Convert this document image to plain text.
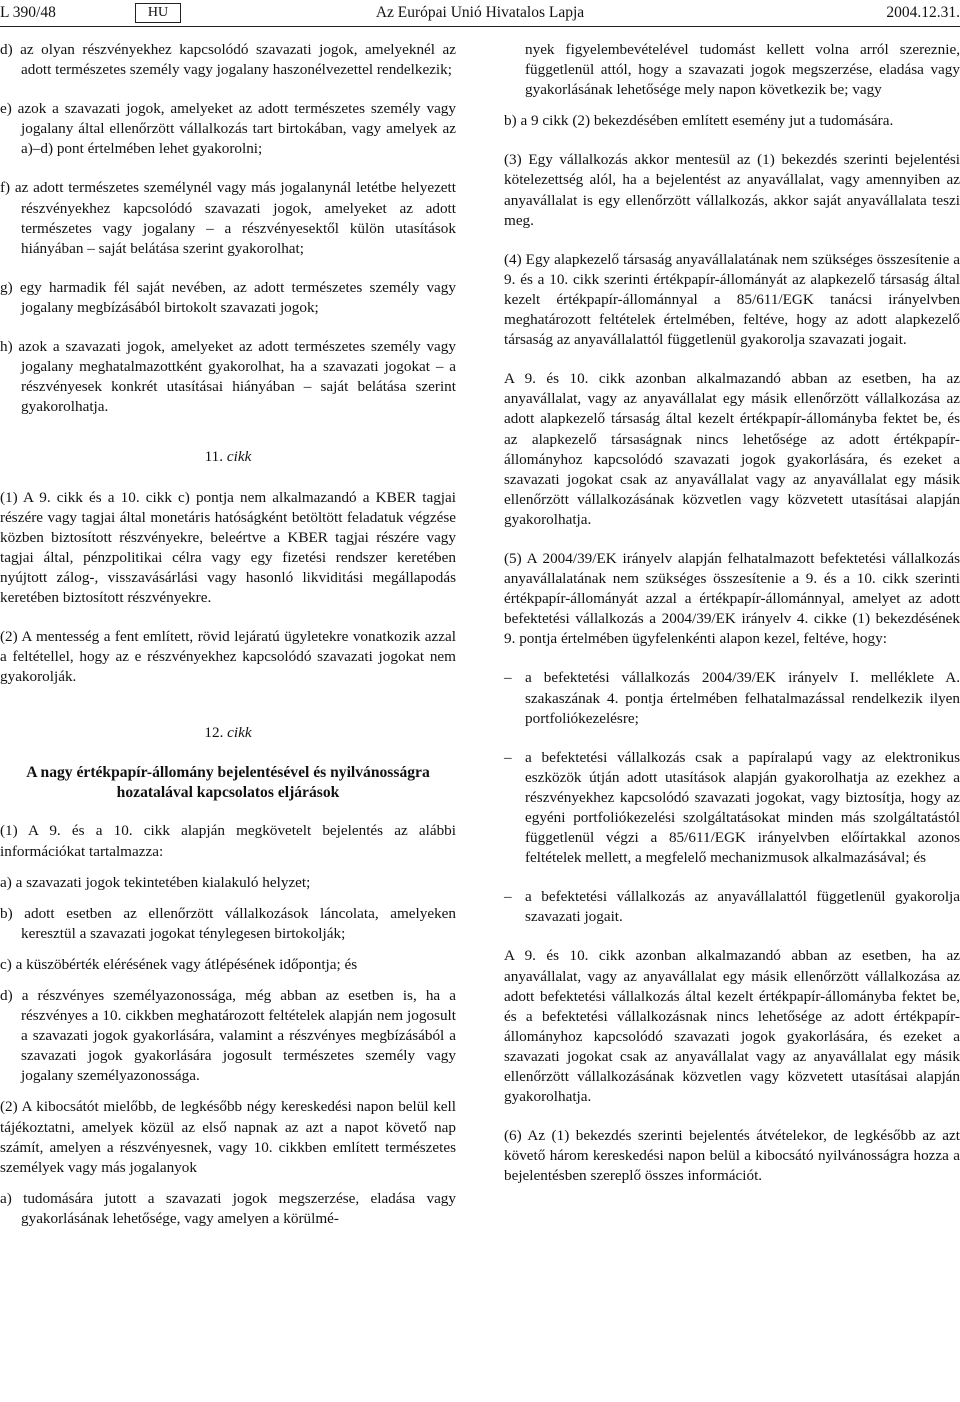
L 390/48	HU	Az Európai Unió Hivatalos Lapja	2004.12.31.

d) az olyan részvényekhez kapcsolódó szavazati jogok, amelyeknél az adott természetes személy vagy jogalany haszonélvezettel rendelkezik;

e) azok a szavazati jogok, amelyeket az adott természetes személy vagy jogalany által ellenőrzött vállalkozás tart birtokában, vagy amelyek az a)–d) pont értelmében lehet gyakorolni;

f) az adott természetes személynél vagy más jogalanynál letétbe helyezett részvényekhez kapcsolódó szavazati jogok, amelyeket az adott természetes vagy jogalany – a részvényesektől külön utasítások hiányában – saját belátása szerint gyakorolhat;

g) egy harmadik fél saját nevében, az adott természetes személy vagy jogalany megbízásából birtokolt szavazati jogok;

h) azok a szavazati jogok, amelyeket az adott természetes személy vagy jogalany meghatalmazottként gyakorolhat, ha a szavazati jogokat – a részvényesek konkrét utasításai hiányában – saját belátása szerint gyakorolhatja.

11. cikk

(1) A 9. cikk és a 10. cikk c) pontja nem alkalmazandó a KBER tagjai részére vagy tagjai által monetáris hatóságként betöltött feladatuk végzése közben biztosított részvényekre, beleértve a KBER tagjai részére vagy tagjai által, pénzpolitikai célra vagy egy fizetési rendszer keretében nyújtott zálog-, visszavásárlási vagy hasonló likviditási megállapodás keretében biztosított részvényekre.

(2) A mentesség a fent említett, rövid lejáratú ügyletekre vonatkozik azzal a feltétellel, hogy az e részvényekhez kapcsolódó szavazati jogokat nem gyakorolják.

12. cikk
A nagy értékpapír-állomány bejelentésével és nyilvánosságra hozatalával kapcsolatos eljárások

(1) A 9. és a 10. cikk alapján megkövetelt bejelentés az alábbi információkat tartalmazza:

a) a szavazati jogok tekintetében kialakuló helyzet;

b) adott esetben az ellenőrzött vállalkozások láncolata, amelyeken keresztül a szavazati jogokat ténylegesen birtokolják;

c) a küszöbérték elérésének vagy átlépésének időpontja; és

d) a részvényes személyazonossága, még abban az esetben is, ha a részvényes a 10. cikkben meghatározott feltételek alapján nem jogosult a szavazati jogok gyakorlására, valamint a részvényes megbízásából a szavazati jogok gyakorlására jogosult természetes személy vagy jogalany személyazonossága.

(2) A kibocsátót mielőbb, de legkésőbb négy kereskedési napon belül kell tájékoztatni, amelyek közül az első napnak az azt a napot követő nap számít, amelyen a részvényesnek, vagy 10. cikkben említett természetes személyek vagy más jogalanyok

a) tudomására jutott a szavazati jogok megszerzése, eladása vagy gyakorlásának lehetősége, vagy amelyen a körülmé-

nyek figyelembevételével tudomást kellett volna arról szereznie, függetlenül attól, hogy a szavazati jogok megszerzése, eladása vagy gyakorlásának lehetősége mely napon következik be; vagy

b) a 9 cikk (2) bekezdésében említett esemény jut a tudomására.

(3) Egy vállalkozás akkor mentesül az (1) bekezdés szerinti bejelentési kötelezettség alól, ha a bejelentést az anyavállalat, vagy amennyiben az anyavállalat is egy ellenőrzött vállalkozás, akkor saját anyavállalata teszi meg.

(4) Egy alapkezelő társaság anyavállalatának nem szükséges összesítenie a 9. és a 10. cikk szerinti értékpapír-állományát az alapkezelő társaság által kezelt értékpapír-állománnyal a 85/611/EGK tanácsi irányelvben meghatározott feltételek értelmében, feltéve, hogy az adott alapkezelő társaság az anyavállalattól függetlenül gyakorolja szavazati jogait.

A 9. és 10. cikk azonban alkalmazandó abban az esetben, ha az anyavállalat, vagy az anyavállalat egy másik ellenőrzött vállalkozása az adott alapkezelő társaság által kezelt értékpapír-állományba fektet be, és az alapkezelő társaságnak nincs lehetősége az adott értékpapír-állományhoz kapcsolódó szavazati jogok gyakorlására, és ezeket a szavazati jogokat csak az anyavállalat vagy az anyavállalat egy másik ellenőrzött vállalkozásának közvetlen vagy közvetett utasításai alapján gyakorolhatja.

(5) A 2004/39/EK irányelv alapján felhatalmazott befektetési vállalkozás anyavállalatának nem szükséges összesítenie a 9. és a 10. cikk szerinti értékpapír-állományát azzal a értékpapír-állománnyal, amelyet az adott befektetési vállalkozás a 2004/39/EK irányelv 4. cikke (1) bekezdésének 9. pontja értelmében ügyfelenkénti alapon kezel, feltéve, hogy:

– a befektetési vállalkozás 2004/39/EK irányelv I. melléklete A. szakaszának 4. pontja értelmében felhatalmazással rendelkezik ilyen portfoliókezelésre;
– a befektetési vállalkozás csak a papíralapú vagy az elektronikus eszközök útján adott utasítások alapján gyakorolhatja az ezekhez a részvényekhez kapcsolódó szavazati jogokat, vagy biztosítja, hogy az egyéni portfoliókezelési szolgáltatásokat minden más szolgáltatástól függetlenül végzi a 85/611/EGK irányelvben előírtakkal azonos feltételek mellett, a megfelelő mechanizmusok alkalmazásával; és
– a befektetési vállalkozás az anyavállalattól függetlenül gyakorolja szavazati jogait.

A 9. és 10. cikk azonban alkalmazandó abban az esetben, ha az anyavállalat, vagy az anyavállalat egy másik ellenőrzött vállalkozása az adott befektetési vállalkozás által kezelt értékpapír-állományba fektet be, és a befektetési vállalkozásnak nincs lehetősége az adott értékpapír-állományhoz kapcsolódó szavazati jogok gyakorlására, és ezeket a szavazati jogokat csak az anyavállalat vagy az anyavállalat egy másik ellenőrzött vállalkozásának közvetlen vagy közvetett utasításai alapján gyakorolhatja.

(6) Az (1) bekezdés szerinti bejelentés átvételekor, de legkésőbb az azt követő három kereskedési napon belül a kibocsátó nyilvánosságra hozza a bejelentésben szereplő összes információt.
